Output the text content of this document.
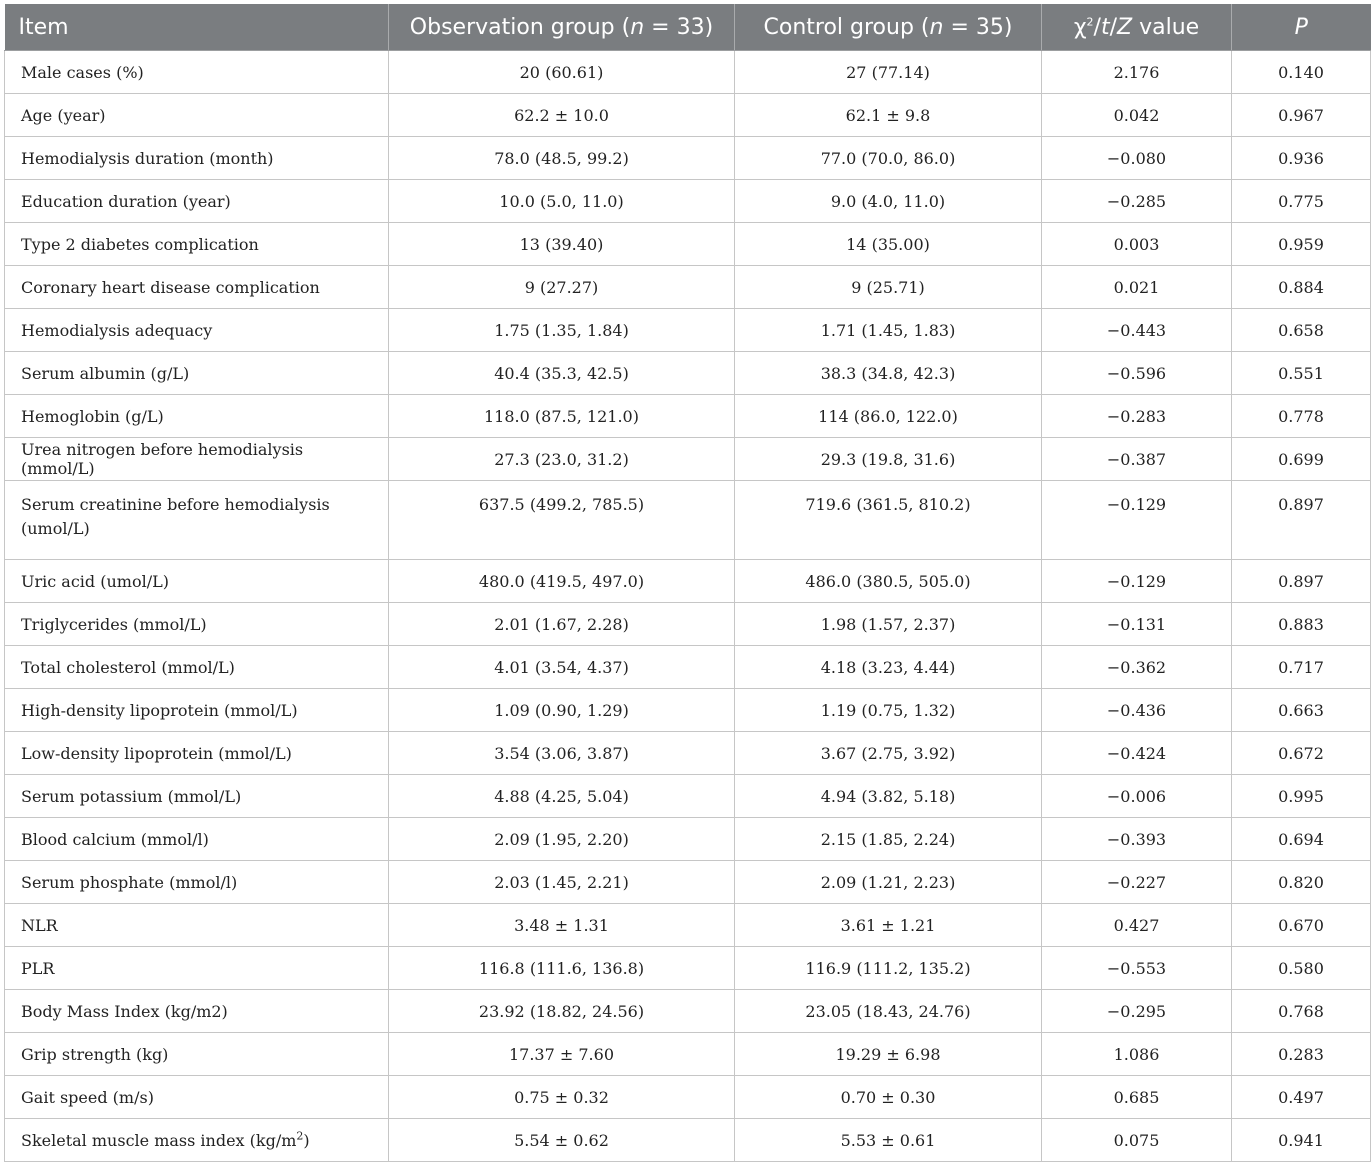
Item	Observation group (n = 33)	Control group (n = 35)	$\chi^2/t/Z$ value	P
Male cases (%)	20 (60.61)	27 (77.14)	2.176	0.140
Age (year)	62.2 ± 10.0	62.1 ± 9.8	0.042	0.967
Hemodialysis duration (month)	78.0 (48.5, 99.2)	77.0 (70.0, 86.0)	−0.080	0.936
Education duration (year)	10.0 (5.0, 11.0)	9.0 (4.0, 11.0)	−0.285	0.775
Type 2 diabetes complication	13 (39.40)	14 (35.00)	0.003	0.959
Coronary heart disease complication	9 (27.27)	9 (25.71)	0.021	0.884
Hemodialysis adequacy	1.75 (1.35, 1.84)	1.71 (1.45, 1.83)	−0.443	0.658
Serum albumin (g/L)	40.4 (35.3, 42.5)	38.3 (34.8, 42.3)	−0.596	0.551
Hemoglobin (g/L)	118.0 (87.5, 121.0)	114 (86.0, 122.0)	−0.283	0.778
Urea nitrogen before hemodialysis (mmol/L)	27.3 (23.0, 31.2)	29.3 (19.8, 31.6)	−0.387	0.699
Serum creatinine before hemodialysis (umol/L)	637.5 (499.2, 785.5)	719.6 (361.5, 810.2)	−0.129	0.897
Uric acid (umol/L)	480.0 (419.5, 497.0)	486.0 (380.5, 505.0)	−0.129	0.897
Triglycerides (mmol/L)	2.01 (1.67, 2.28)	1.98 (1.57, 2.37)	−0.131	0.883
Total cholesterol (mmol/L)	4.01 (3.54, 4.37)	4.18 (3.23, 4.44)	−0.362	0.717
High-density lipoprotein (mmol/L)	1.09 (0.90, 1.29)	1.19 (0.75, 1.32)	−0.436	0.663
Low-density lipoprotein (mmol/L)	3.54 (3.06, 3.87)	3.67 (2.75, 3.92)	−0.424	0.672
Serum potassium (mmol/L)	4.88 (4.25, 5.04)	4.94 (3.82, 5.18)	−0.006	0.995
Blood calcium (mmol/l)	2.09 (1.95, 2.20)	2.15 (1.85, 2.24)	−0.393	0.694
Serum phosphate (mmol/l)	2.03 (1.45, 2.21)	2.09 (1.21, 2.23)	−0.227	0.820
NLR	3.48 ± 1.31	3.61 ± 1.21	0.427	0.670
PLR	116.8 (111.6, 136.8)	116.9 (111.2, 135.2)	−0.553	0.580
Body Mass Index (kg/m2)	23.92 (18.82, 24.56)	23.05 (18.43, 24.76)	−0.295	0.768
Grip strength (kg)	17.37 ± 7.60	19.29 ± 6.98	1.086	0.283
Gait speed (m/s)	0.75 ± 0.32	0.70 ± 0.30	0.685	0.497
Skeletal muscle mass index $(kg/m^2)$	5.54 ± 0.62	5.53 ± 0.61	0.075	0.941
